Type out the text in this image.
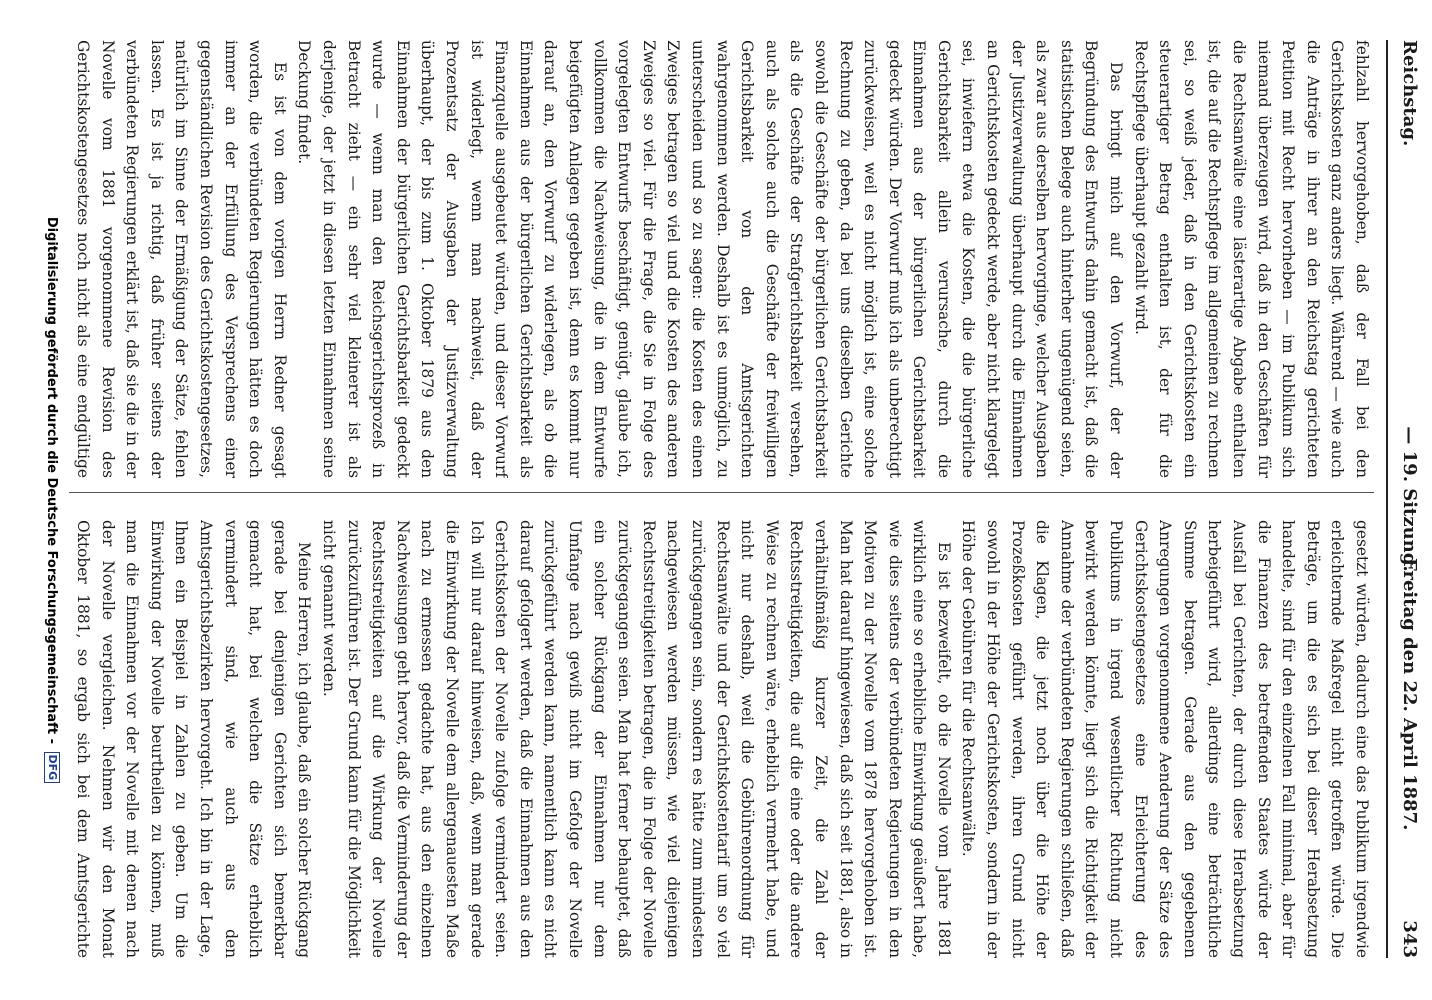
Reichstag.
— 19. Sitzung.
Freitag den 22. April 1887.343

fehlzahl hervorgehoben, daß der Fall bei den Gerichtskosten ganz anders liegt. Während — wie auch die Anträge in ihrer an den Reichstag gerichteten Petition mit Recht hervorheben — im Publikum sich niemand überzeugen wird, daß in den Geschäften für die Rechtsanwälte eine lästerartige Abgabe enthalten ist, die auf die Rechtspflege im allgemeinen zu rechnen sei, so weiß jeder, daß in den Gerichtskosten ein steuerartiger Betrag enthalten ist, der für die Rechtspflege überhaupt gezahlt wird.

Das bringt mich auf den Vorwurf, der der Begründung des Entwurfs dahin gemacht ist, daß die statistischen Belege auch hinterher ungenügend seien, als zwar aus derselben hervorginge, welcher Ausgaben der Justizverwaltung überhaupt durch die Einnahmen an Gerichtskosten gedeckt werde, aber nicht klargelegt sei, inwiefern etwa die Kosten, die die bürgerliche Gerichtsbarkeit allein verursache, durch die Einnahmen aus der bürgerlichen Gerichtsbarkeit gedeckt würden. Der Vorwurf muß ich als unberechtigt zurückweisen, weil es nicht möglich ist, eine solche Rechnung zu geben, da bei uns dieselben Gerichte sowohl die Geschäfte der bürgerlichen Gerichtsbarkeit als die Geschäfte der Strafgerichtsbarkeit versehen, auch als solche auch die Geschäfte der freiwilligen Gerichtsbarkeit von den Amtsgerichten wahrgenommen werden. Deshalb ist es unmöglich, zu unterscheiden und so zu sagen: die Kosten des einen Zweiges betragen so viel und die Kosten des anderen Zweiges so viel. Für die Frage, die Sie in Folge des vorgelegten Entwurfs beschäftigt, genügt, glaube ich, vollkommen die Nachweisung, die in dem Entwurfe beigefügten Anlagen gegeben ist, denn es kommt nur darauf an, den Vorwurf zu widerlegen, als ob die Einnahmen aus der bürgerlichen Gerichtsbarkeit als Finanzquelle ausgebeutet würden, und dieser Vorwurf ist widerlegt, wenn man nachweist, daß der Prozentsatz der Ausgaben der Justizverwaltung überhaupt, der bis zum 1. Oktober 1879 aus den Einnahmen der bürgerlichen Gerichtsbarkeit gedeckt wurde — wenn man den Reichsgerichtsprozeß in Betracht zieht — ein sehr viel kleinerer ist als derjenige, der jetzt in diesen letzten Einnahmen seine Deckung findet.

Es ist von dem vorigen Herrn Redner gesagt worden, die verbündeten Regierungen hätten es doch immer an der Erfüllung des Versprechens einer gegenständlichen Revision des Gerichtskostengesetzes, natürlich im Sinne der Ermäßigung der Sätze, fehlen lassen. Es ist ja richtig, daß früher seitens der verbündeten Regierungen erklärt ist, daß sie die in der Novelle vom 1881 vorgenommene Revision des Gerichtskostengesetzes noch nicht als eine endgültige

gesetzt würden, dadurch eine das Publikum irgendwie erleichternde Maßregel nicht getroffen würde. Die Beträge, um die es sich bei dieser Herabsetzung handelte, sind für den einzelnen Fall minimal, aber für die Finanzen des betreffenden Staates würde der Ausfall bei Gerichten, der durch diese Herabsetzung herbeigeführt wird, allerdings eine beträchtliche Summe betragen. Gerade aus den gegebenen Anregungen vorgenommene Aenderung der Sätze des Gerichtskostengesetzes eine Erleichterung des Publikums in irgend wesentlicher Richtung nicht bewirkt werden könnte, liegt sich die Richtigkeit der Annahme der verbündeten Regierungen schließen, daß die Klagen, die jetzt noch über die Höhe der Prozeßkosten geführt werden, ihren Grund nicht sowohl in der Höhe der Gerichtskosten, sondern in der Höhe der Gebühren für die Rechtsanwälte.

Es ist bezweifelt, ob die Novelle vom Jahre 1881 wirklich eine so erhebliche Einwirkung geäußert habe, wie dies seitens der verbündeten Regierungen in den Motiven zu der Novelle vom 1878 hervorgehoben ist. Man hat darauf hingewiesen, daß sich seit 1881, also in verhältnißmäßig kurzer Zeit, die Zahl der Rechtsstreitigkeiten, die auf die eine oder die andere Weise zu rechnen wäre, erheblich vermehrt habe, und nicht nur deshalb, weil die Gebührenordnung für Rechtsanwälte und der Gerichtskostentarif um so viel zurückgegangen sein, sondern es hätte zum mindesten nachgewiesen werden müssen, wie viel diejenigen Rechtsstreitigkeiten betragen, die in Folge der Novelle zurückgegangen seien. Man hat ferner behauptet, daß ein solcher Rückgang der Einnahmen nur dem Umfange nach gewiß nicht im Gefolge der Novelle zurückgeführt werden kann, namentlich kann es nicht darauf gefolgert werden, daß die Einnahmen aus den Gerichtskosten der Novelle zufolge vermindert seien. Ich will nur darauf hinweisen, daß, wenn man gerade die Einwirkung der Novelle dem allergenauesten Maße nach zu ermessen gedachte hat, aus den einzelnen Nachweisungen geht hervor, daß die Verminderung der Rechtsstreitigkeiten auf die Wirkung der Novelle zurückzuführen ist. Der Grund kann für die Möglichkeit nicht genannt werden.

Meine Herren, ich glaube, daß ein solcher Rückgang gerade bei denjenigen Gerichten sich bemerkbar gemacht hat, bei welchen die Sätze erheblich vermindert sind, wie auch aus den Amtsgerichtsbezirken hervorgeht. Ich bin in der Lage, Ihnen ein Beispiel in Zahlen zu geben. Um die Einwirkung der Novelle beurtheilen zu können, muß man die Einnahmen vor der Novelle mit denen nach der Novelle vergleichen. Nehmen wir den Monat Oktober 1881, so ergab sich bei dem Amtsgerichte

Digitalisierung gefördert durch die Deutsche Forschungsgemeinschaft - DFG
